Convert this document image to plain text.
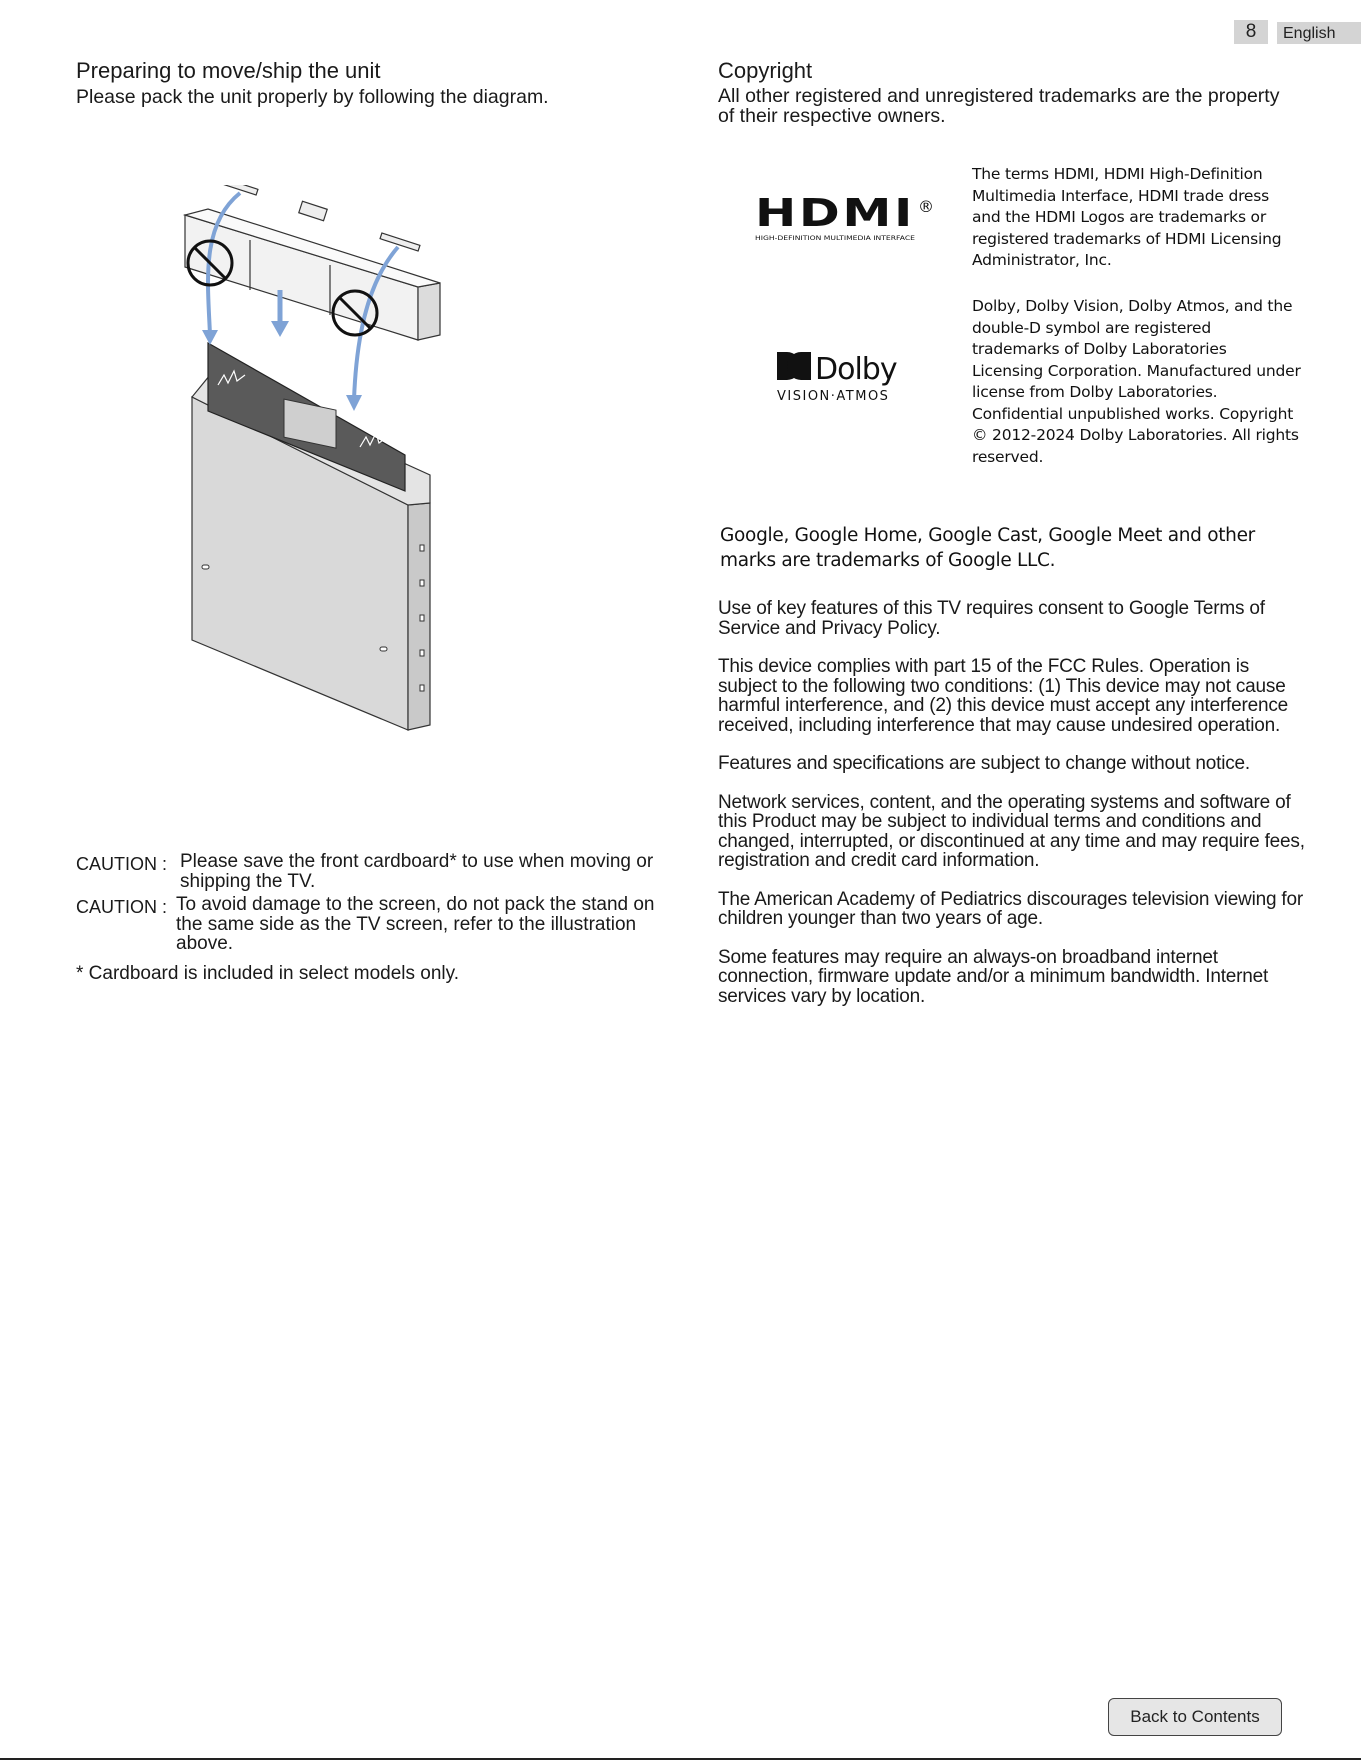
8	English
Preparing to move/ship the unit

Please pack the unit properly by following the diagram.

CAUTION : Please save the front cardboard* to use when moving or shipping the TV.
CAUTION : To avoid damage to the screen, do not pack the stand on the same side as the TV screen, refer to the illustration above.
* Cardboard is included in select models only.
Copyright

All other registered and unregistered trademarks are the property of their respective owners.

HDMI ®
HIGH-DEFINITION MULTIMEDIA INTERFACE
The terms HDMI, HDMI High-Definition Multimedia Interface, HDMI trade dress and the HDMI Logos are trademarks or registered trademarks of HDMI Licensing Administrator, Inc.
Dolby
VISION·ATMOS
Dolby, Dolby Vision, Dolby Atmos, and the double-D symbol are registered trademarks of Dolby Laboratories Licensing Corporation. Manufactured under license from Dolby Laboratories. Confidential unpublished works. Copyright © 2012-2024 Dolby Laboratories. All rights reserved.
Google, Google Home, Google Cast, Google Meet and other marks are trademarks of Google LLC.

Use of key features of this TV requires consent to Google Terms of Service and Privacy Policy.

This device complies with part 15 of the FCC Rules. Operation is subject to the following two conditions: (1) This device may not cause harmful interference, and (2) this device must accept any interference received, including interference that may cause undesired operation.

Features and specifications are subject to change without notice.

Network services, content, and the operating systems and software of this Product may be subject to individual terms and conditions and changed, interrupted, or discontinued at any time and may require fees, registration and credit card information.

The American Academy of Pediatrics discourages television viewing for children younger than two years of age.

Some features may require an always-on broadband internet connection, firmware update and/or a minimum bandwidth. Internet services vary by location.

Back to Contents
